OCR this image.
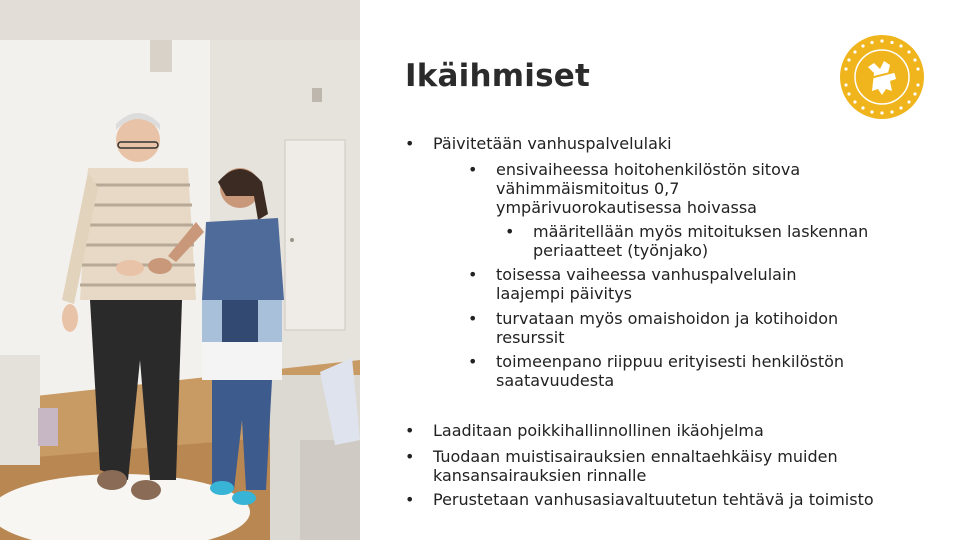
Ikäihmiset
• Päivitetään vanhuspalvelulaki
• ensivaiheessa hoitohenkilöstön sitova vähimmäismitoitus 0,7 ympärivuorokautisessa hoivassa
• määritellään myös mitoituksen laskennan periaatteet (työnjako)
• toisessa vaiheessa vanhuspalvelulain laajempi päivitys
• turvataan myös omaishoidon ja kotihoidon resurssit
• toimeenpano riippuu erityisesti henkilöstön saatavuudesta
• Laaditaan poikkihallinnollinen ikäohjelma
• Tuodaan muistisairauksien ennaltaehkäisy muiden kansansairauksien rinnalle
• Perustetaan vanhusasiavaltuutetun tehtävä ja toimisto
